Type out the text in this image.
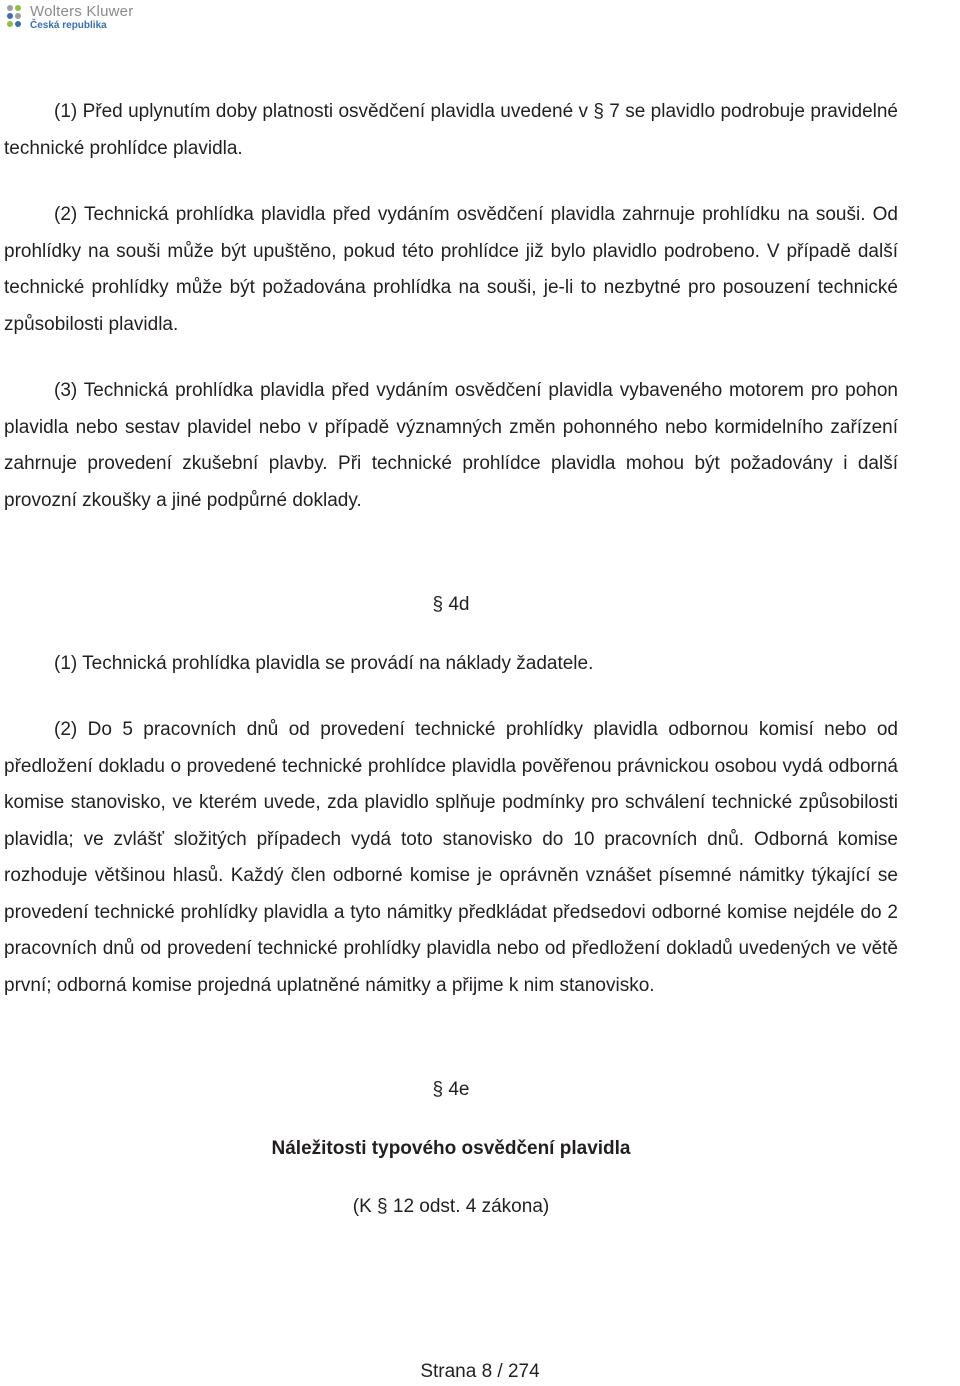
Wolters Kluwer
Česká republika

(1) Před uplynutím doby platnosti osvědčení plavidla uvedené v § 7 se plavidlo podrobuje pravidelné technické prohlídce plavidla.

(2) Technická prohlídka plavidla před vydáním osvědčení plavidla zahrnuje prohlídku na souši. Od prohlídky na souši může být upuštěno, pokud této prohlídce již bylo plavidlo podrobeno. V případě další technické prohlídky může být požadována prohlídka na souši, je-li to nezbytné pro posouzení technické způsobilosti plavidla.

(3) Technická prohlídka plavidla před vydáním osvědčení plavidla vybaveného motorem pro pohon plavidla nebo sestav plavidel nebo v případě významných změn pohonného nebo kormidelního zařízení zahrnuje provedení zkušební plavby. Při technické prohlídce plavidla mohou být požadovány i další provozní zkoušky a jiné podpůrné doklady.

§ 4d

(1) Technická prohlídka plavidla se provádí na náklady žadatele.

(2) Do 5 pracovních dnů od provedení technické prohlídky plavidla odbornou komisí nebo od předložení dokladu o provedené technické prohlídce plavidla pověřenou právnickou osobou vydá odborná komise stanovisko, ve kterém uvede, zda plavidlo splňuje podmínky pro schválení technické způsobilosti plavidla; ve zvlášť složitých případech vydá toto stanovisko do 10 pracovních dnů. Odborná komise rozhoduje většinou hlasů. Každý člen odborné komise je oprávněn vznášet písemné námitky týkající se provedení technické prohlídky plavidla a tyto námitky předkládat předsedovi odborné komise nejdéle do 2 pracovních dnů od provedení technické prohlídky plavidla nebo od předložení dokladů uvedených ve větě první; odborná komise projedná uplatněné námitky a přijme k nim stanovisko.

§ 4e

Náležitosti typového osvědčení plavidla

(K § 12 odst. 4 zákona)

Strana 8 / 274
